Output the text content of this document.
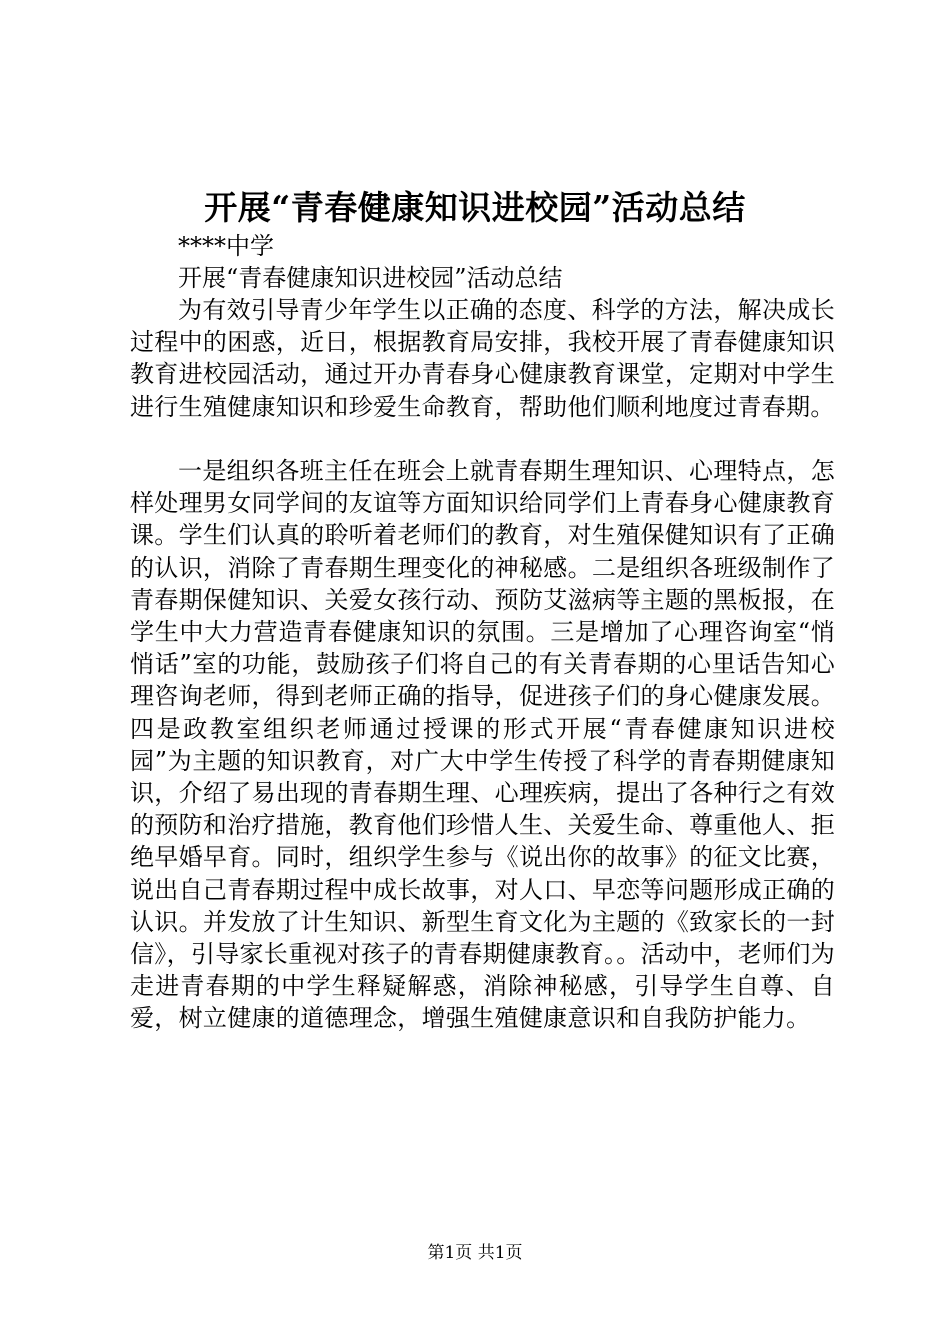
开展“青春健康知识进校园”活动总结
****中学
开展“青春健康知识进校园”活动总结
为有效引导青少年学生以正确的态度、科学的方法，解决成长过程中的困惑，近日，根据教育局安排，我校开展了青春健康知识教育进校园活动，通过开办青春身心健康教育课堂，定期对中学生进行生殖健康知识和珍爱生命教育，帮助他们顺利地度过青春期。
一是组织各班主任在班会上就青春期生理知识、心理特点，怎样处理男女同学间的友谊等方面知识给同学们上青春身心健康教育课。学生们认真的聆听着老师们的教育，对生殖保健知识有了正确的认识，消除了青春期生理变化的神秘感。二是组织各班级制作了青春期保健知识、关爱女孩行动、预防艾滋病等主题的黑板报，在学生中大力营造青春健康知识的氛围。三是增加了心理咨询室“悄悄话”室的功能，鼓励孩子们将自己的有关青春期的心里话告知心理咨询老师，得到老师正确的指导，促进孩子们的身心健康发展。四是政教室组织老师通过授课的形式开展“青春健康知识进校园”为主题的知识教育，对广大中学生传授了科学的青春期健康知识，介绍了易出现的青春期生理、心理疾病，提出了各种行之有效的预防和治疗措施，教育他们珍惜人生、关爱生命、尊重他人、拒绝早婚早育。同时，组织学生参与《说出你的故事》的征文比赛，说出自己青春期过程中成长故事，对人口、早恋等问题形成正确的认识。并发放了计生知识、新型生育文化为主题的《致家长的一封信》，引导家长重视对孩子的青春期健康教育。。活动中，老师们为走进青春期的中学生释疑解惑，消除神秘感，引导学生自尊、自爱，树立健康的道德理念，增强生殖健康意识和自我防护能力。
第1页 共1页
